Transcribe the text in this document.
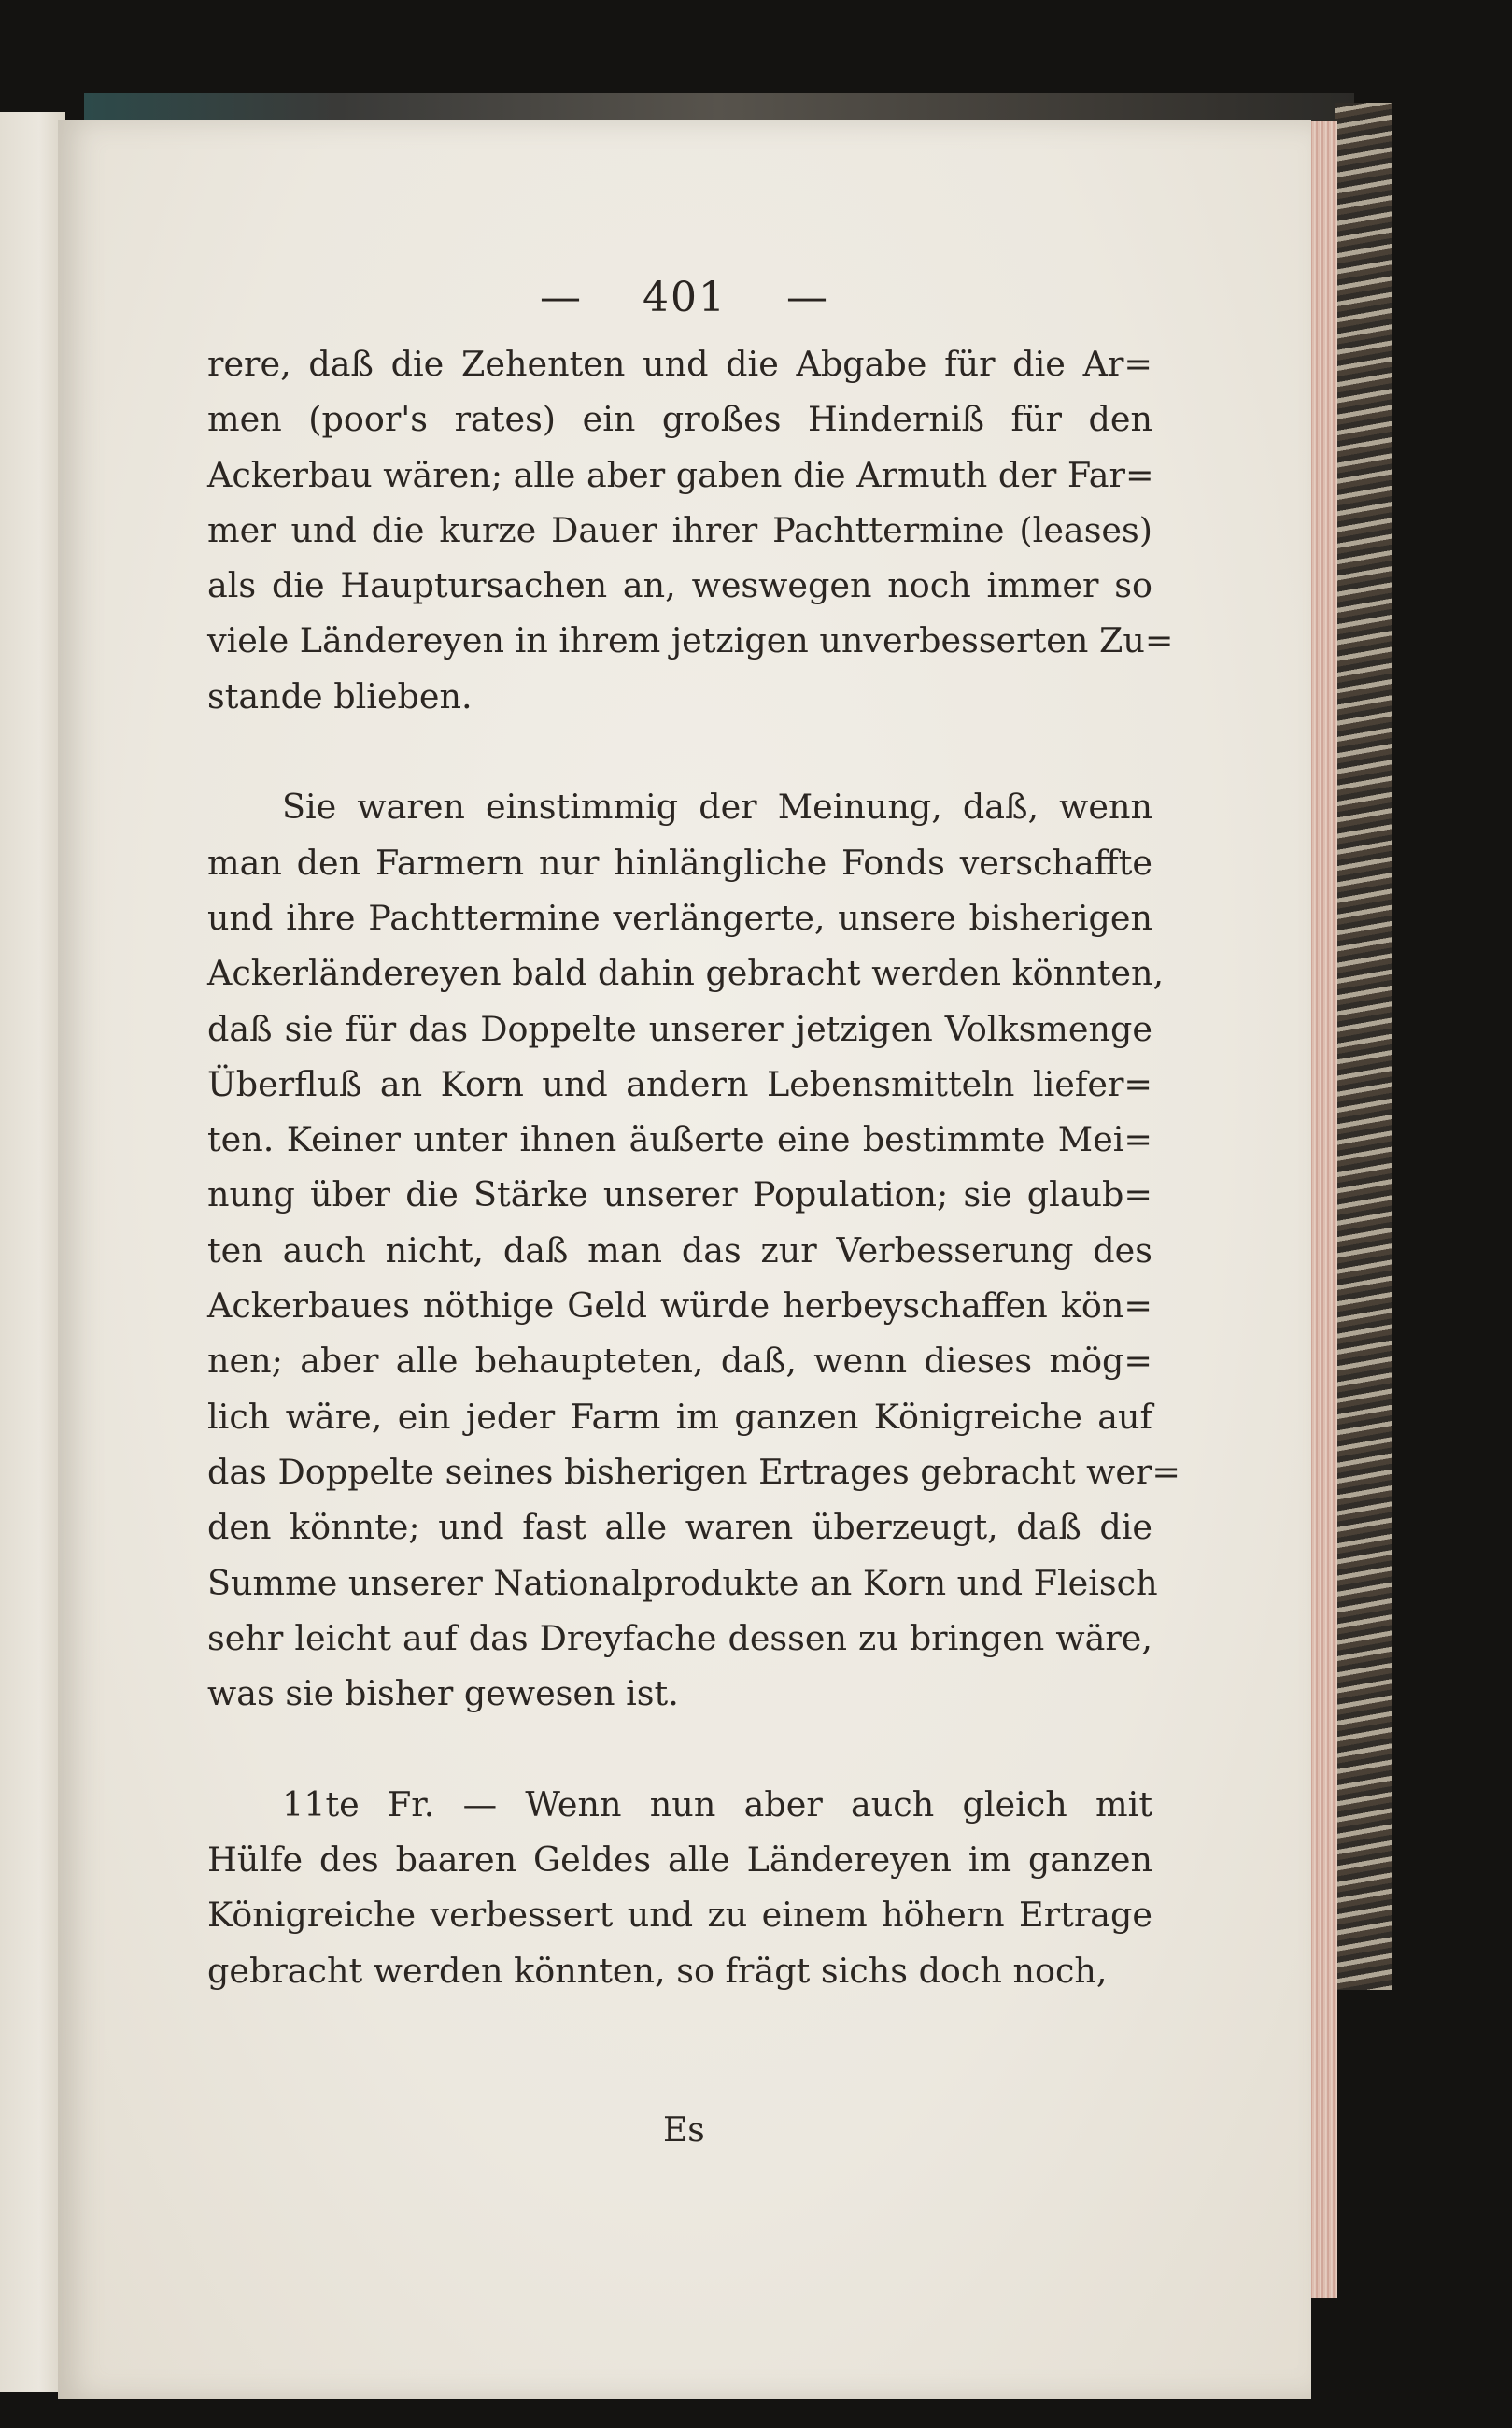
— 401 —
rere, daß die Zehenten und die Abgabe für die Ar=
men (poor's rates) ein großes Hinderniß für den
Ackerbau wären; alle aber gaben die Armuth der Far=
mer und die kurze Dauer ihrer Pachttermine (leases)
als die Hauptursachen an, weswegen noch immer so
viele Ländereyen in ihrem jetzigen unverbesserten Zu=
stande blieben.
Sie waren einstimmig der Meinung, daß, wenn
man den Farmern nur hinlängliche Fonds verschaffte
und ihre Pachttermine verlängerte, unsere bisherigen
Ackerländereyen bald dahin gebracht werden könnten,
daß sie für das Doppelte unserer jetzigen Volksmenge
Überfluß an Korn und andern Lebensmitteln liefer=
ten. Keiner unter ihnen äußerte eine bestimmte Mei=
nung über die Stärke unserer Population; sie glaub=
ten auch nicht, daß man das zur Verbesserung des
Ackerbaues nöthige Geld würde herbeyschaffen kön=
nen; aber alle behaupteten, daß, wenn dieses mög=
lich wäre, ein jeder Farm im ganzen Königreiche auf
das Doppelte seines bisherigen Ertrages gebracht wer=
den könnte; und fast alle waren überzeugt, daß die
Summe unserer Nationalprodukte an Korn und Fleisch
sehr leicht auf das Dreyfache dessen zu bringen wäre,
was sie bisher gewesen ist.
11te Fr. — Wenn nun aber auch gleich mit
Hülfe des baaren Geldes alle Ländereyen im ganzen
Königreiche verbessert und zu einem höhern Ertrage
gebracht werden könnten, so frägt sichs doch noch,
Es
